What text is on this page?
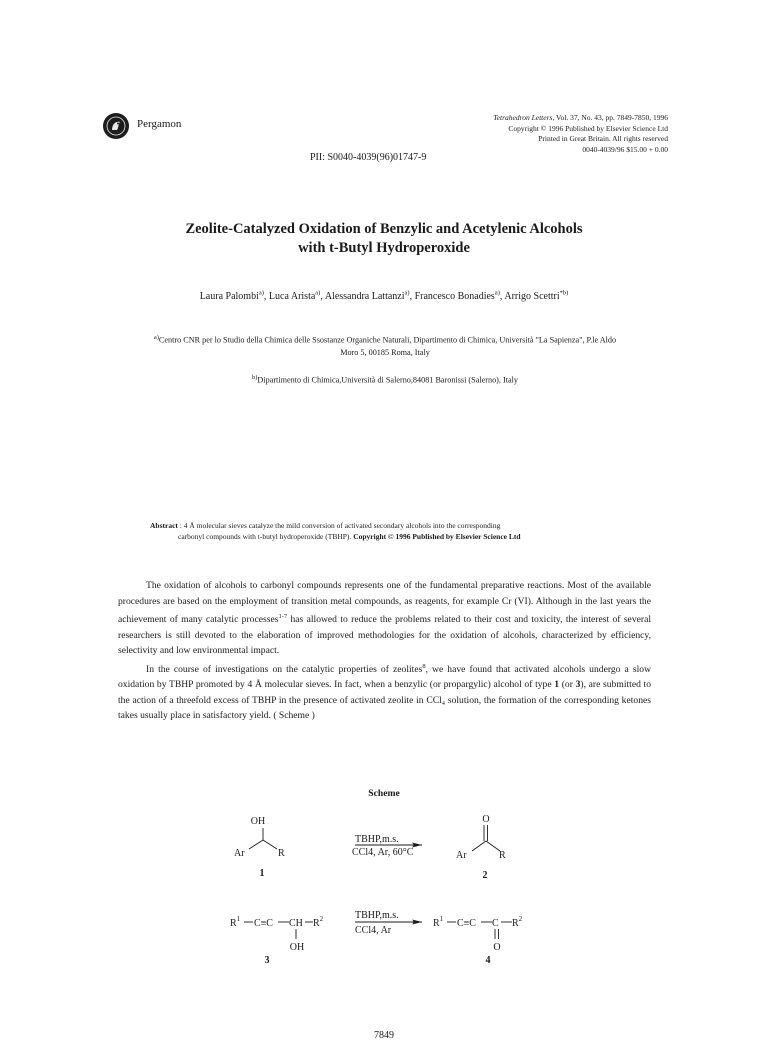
Pergamon
Tetrahedron Letters, Vol. 37, No. 43, pp. 7849-7850, 1996
Copyright © 1996 Published by Elsevier Science Ltd
Printed in Great Britain. All rights reserved
0040-4039/96 $15.00 + 0.00
PII: S0040-4039(96)01747-9
Zeolite-Catalyzed Oxidation of Benzylic and Acetylenic Alcohols
with t-Butyl Hydroperoxide
Laura Palombi$^{a)}$, Luca Arista$^{a)}$, Alessandra Lattanzi$^{a)}$, Francesco Bonadies$^{a)}$, Arrigo Scettri$^{*b)}$
$^{a)}$Centro CNR per lo Studio della Chimica delle Ssostanze Organiche Naturali, Dipartimento di Chimica, Università "La Sapienza", P.le Aldo Moro 5, 00185 Roma, Italy
$^{b)}$Dipartimento di Chimica,Università di Salerno,84081 Baronissi (Salerno), Italy
Abstract : 4 Å molecular sieves catalyze the mild conversion of activated secondary alcohols into the corresponding
carbonyl compounds with t-butyl hydroperoxide (TBHP). Copyright © 1996 Published by Elsevier Science Ltd

The oxidation of alcohols to carbonyl compounds represents one of the fundamental preparative reactions. Most of the available procedures are based on the employment of transition metal compounds, as reagents, for example Cr (VI). Although in the last years the achievement of many catalytic processes$^{1-7}$ has allowed to reduce the problems related to their cost and toxicity, the interest of several researchers is still devoted to the elaboration of improved methodologies for the oxidation of alcohols, characterized by efficiency, selectivity and low environmental impact.

In the course of investigations on the catalytic properties of zeolites$^8$, we have found that activated alcohols undergo a slow oxidation by TBHP promoted by 4 Å molecular sieves. In fact, when a benzylic (or propargylic) alcohol of type 1 (or 3), are submitted to the action of a threefold excess of TBHP in the presence of activated zeolite in CCl₄ solution, the formation of the corresponding ketones takes usually place in satisfactory yield. ( Scheme )

Scheme
OH
Ar	R
1
TBHP,m.s.
CCl4, Ar, 60°C
O
Ar	R
2
$R^1$ C≡C CH $R^2$
OH
3
TBHP,m.s.
CCl4, Ar
$R^1$ C≡C C $R^2$
O
4
7849
